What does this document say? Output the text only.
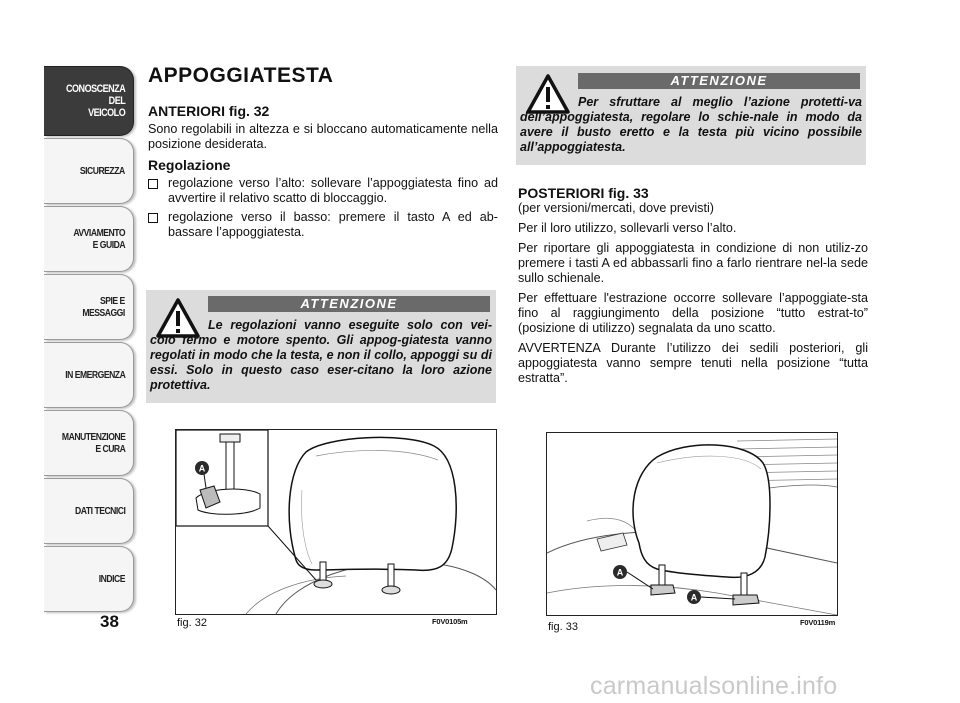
CONOSCENZA
DEL
VEICOLO
SICUREZZA
AVVIAMENTO
E GUIDA
SPIE E
MESSAGGI
IN EMERGENZA
MANUTENZIONE
E CURA
DATI TECNICI
INDICE
38
APPOGGIATESTA
ANTERIORI fig. 32

Sono regolabili in altezza e si bloccano automaticamente nella posizione desiderata.

Regolazione
regolazione verso l’alto: sollevare l’appoggiatesta fino ad avvertire il relativo scatto di bloccaggio.
regolazione verso il basso: premere il tasto A ed ab-bassare l’appoggiatesta.
ATTENZIONE
Le regolazioni vanno eseguite solo con vei-colo fermo e motore spento. Gli appog-giatesta vanno regolati in modo che la testa, e non il collo, appoggi su di essi. Solo in questo caso eser-citano la loro azione protettiva.
ATTENZIONE
Per sfruttare al meglio l’azione protetti-va dell’appoggiatesta, regolare lo schie-nale in modo da avere il busto eretto e la testa più vicino possibile all’appoggiatesta.
POSTERIORI fig. 33

(per versioni/mercati, dove previsti)

Per il loro utilizzo, sollevarli verso l’alto.

Per riportare gli appoggiatesta in condizione di non utiliz-zo premere i tasti A ed abbassarli fino a farlo rientrare nel-la sede sullo schienale.

Per effettuare l'estrazione occorre sollevare l’appoggiate-sta fino al raggiungimento della posizione “tutto estrat-to” (posizione di utilizzo) segnalata da uno scatto.

AVVERTENZA Durante l’utilizzo dei sedili posteriori, gli appoggiatesta vanno sempre tenuti nella posizione “tutta estratta”.

A
fig. 32	F0V0105m
A
A
fig. 33	F0V0119m
carmanualsonline.info
